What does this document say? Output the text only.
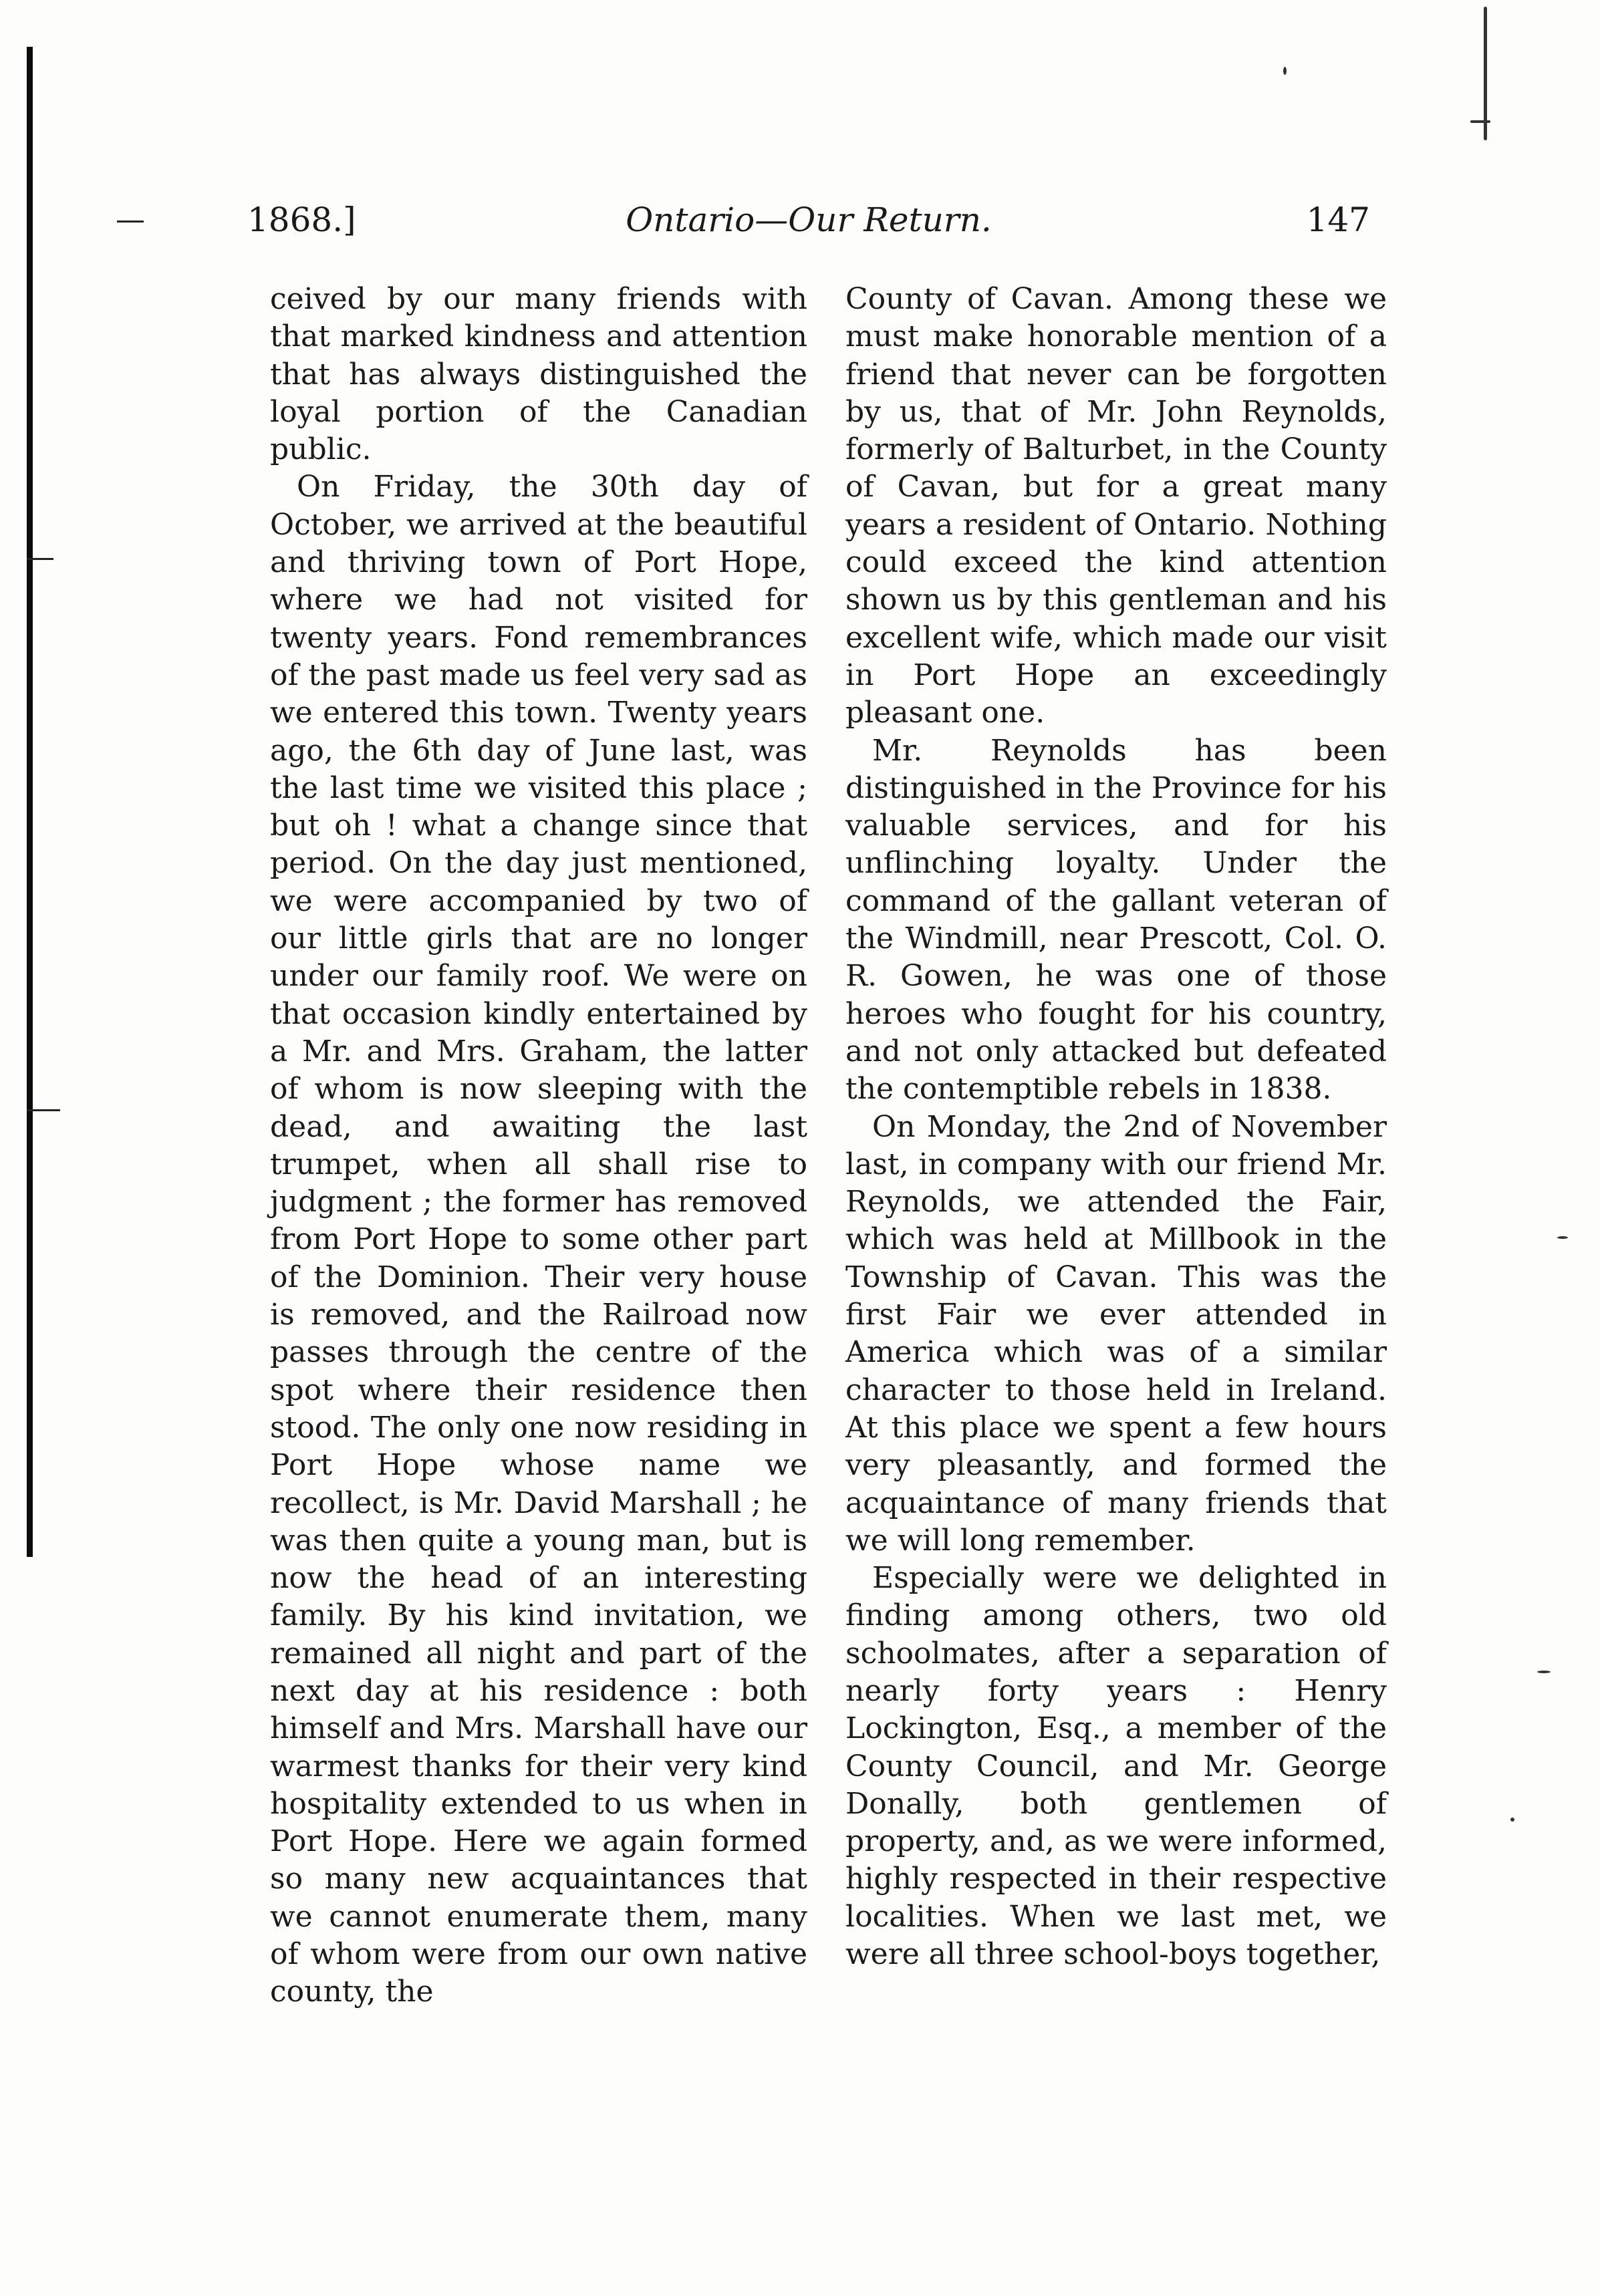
1868.]	Ontario—Our Return.	147

ceived by our many friends with that marked kindness and attention that has always distinguished the loyal portion of the Canadian public.

On Friday, the 30th day of October, we arrived at the beautiful and thriving town of Port Hope, where we had not visited for twenty years. Fond remembrances of the past made us feel very sad as we entered this town. Twenty years ago, the 6th day of June last, was the last time we visited this place ; but oh ! what a change since that period. On the day just mentioned, we were accompanied by two of our little girls that are no longer under our family roof. We were on that occasion kindly entertained by a Mr. and Mrs. Graham, the latter of whom is now sleeping with the dead, and awaiting the last trumpet, when all shall rise to judgment ; the former has removed from Port Hope to some other part of the Dominion. Their very house is removed, and the Railroad now passes through the centre of the spot where their residence then stood. The only one now residing in Port Hope whose name we recollect, is Mr. David Marshall ; he was then quite a young man, but is now the head of an interesting family. By his kind invitation, we remained all night and part of the next day at his residence : both himself and Mrs. Marshall have our warmest thanks for their very kind hospitality extended to us when in Port Hope. Here we again formed so many new acquaintances that we cannot enumerate them, many of whom were from our own native county, the

County of Cavan. Among these we must make honorable mention of a friend that never can be forgotten by us, that of Mr. John Reynolds, formerly of Balturbet, in the County of Cavan, but for a great many years a resident of Ontario. Nothing could exceed the kind attention shown us by this gentleman and his excellent wife, which made our visit in Port Hope an exceedingly pleasant one.

Mr. Reynolds has been distinguished in the Province for his valuable services, and for his unflinching loyalty. Under the command of the gallant veteran of the Windmill, near Prescott, Col. O. R. Gowen, he was one of those heroes who fought for his country, and not only attacked but defeated the contemptible rebels in 1838.

On Monday, the 2nd of November last, in company with our friend Mr. Reynolds, we attended the Fair, which was held at Millbook in the Township of Cavan. This was the first Fair we ever attended in America which was of a similar character to those held in Ireland. At this place we spent a few hours very pleasantly, and formed the acquaintance of many friends that we will long remember.

Especially were we delighted in finding among others, two old schoolmates, after a separation of nearly forty years : Henry Lockington, Esq., a member of the County Council, and Mr. George Donally, both gentlemen of property, and, as we were informed, highly respected in their respective localities. When we last met, we were all three school-boys together,
